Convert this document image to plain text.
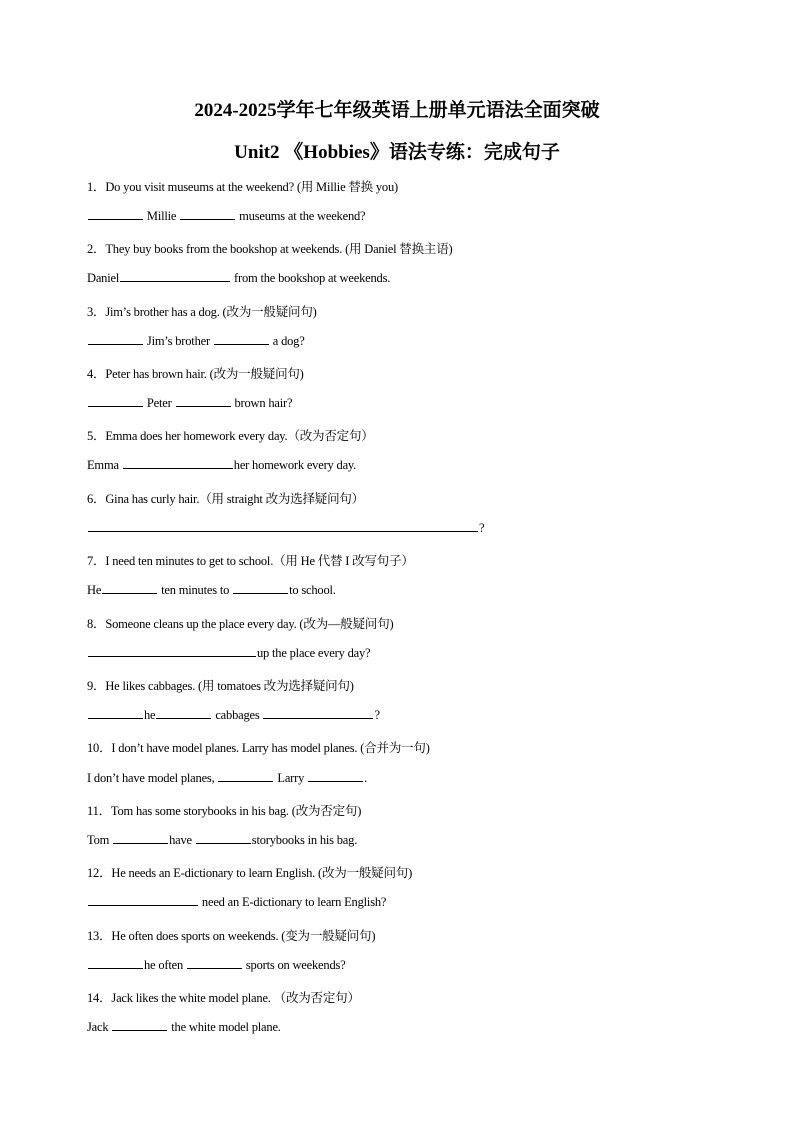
2024-2025学年七年级英语上册单元语法全面突破
Unit2 《Hobbies》语法专练：完成句子
1．Do you visit museums at the weekend? (用 Millie 替换 you)
Millie	museums at the weekend?
2．They buy books from the bookshop at weekends. (用 Daniel 替换主语)
Daniel	from the bookshop at weekends.
3．Jim’s brother has a dog. (改为一般疑问句)
Jim’s brother	a dog?
4．Peter has brown hair. (改为一般疑问句)
Peter	brown hair?
5．Emma does her homework every day.（改为否定句）
Emma	her homework every day.
6．Gina has curly hair.（用 straight 改为选择疑问句）
?
7．I need ten minutes to get to school.（用 He 代替 I 改写句子）
He	ten minutes to	to school.
8．Someone cleans up the place every day. (改为—般疑问句)
up the place every day?
9．He likes cabbages. (用 tomatoes 改为选择疑问句)
he	cabbages	?
10．I don’t have model planes. Larry has model planes. (合并为一句)
I don’t have model planes,	Larry	.
11．Tom has some storybooks in his bag. (改为否定句)
Tom	have	storybooks in his bag.
12．He needs an E-dictionary to learn English. (改为一般疑问句)
need an E-dictionary to learn English?
13．He often does sports on weekends. (变为一般疑问句)
he often	sports on weekends?
14．Jack likes the white model plane. （改为否定句）
Jack	the white model plane.
